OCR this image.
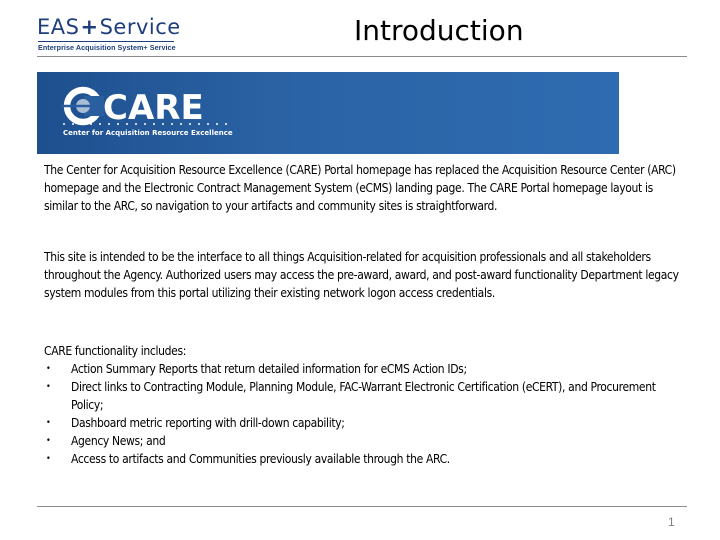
EAS+Service
Enterprise Acquisition System+ Service
Introduction
CARE
Center for Acquisition Resource Excellence

The Center for Acquisition Resource Excellence (CARE) Portal homepage has replaced the Acquisition Resource Center (ARC) homepage and the Electronic Contract Management System (eCMS) landing page. The CARE Portal homepage layout is similar to the ARC, so navigation to your artifacts and community sites is straightforward.

This site is intended to be the interface to all things Acquisition-related for acquisition professionals and all stakeholders throughout the Agency. Authorized users may access the pre-award, award, and post-award functionality Department legacy system modules from this portal utilizing their existing network logon access credentials.

CARE functionality includes:

• Action Summary Reports that return detailed information for eCMS Action IDs;
• Direct links to Contracting Module, Planning Module, FAC-Warrant Electronic Certification (eCERT), and Procurement Policy;
• Dashboard metric reporting with drill-down capability;
• Agency News; and
• Access to artifacts and Communities previously available through the ARC.
1
